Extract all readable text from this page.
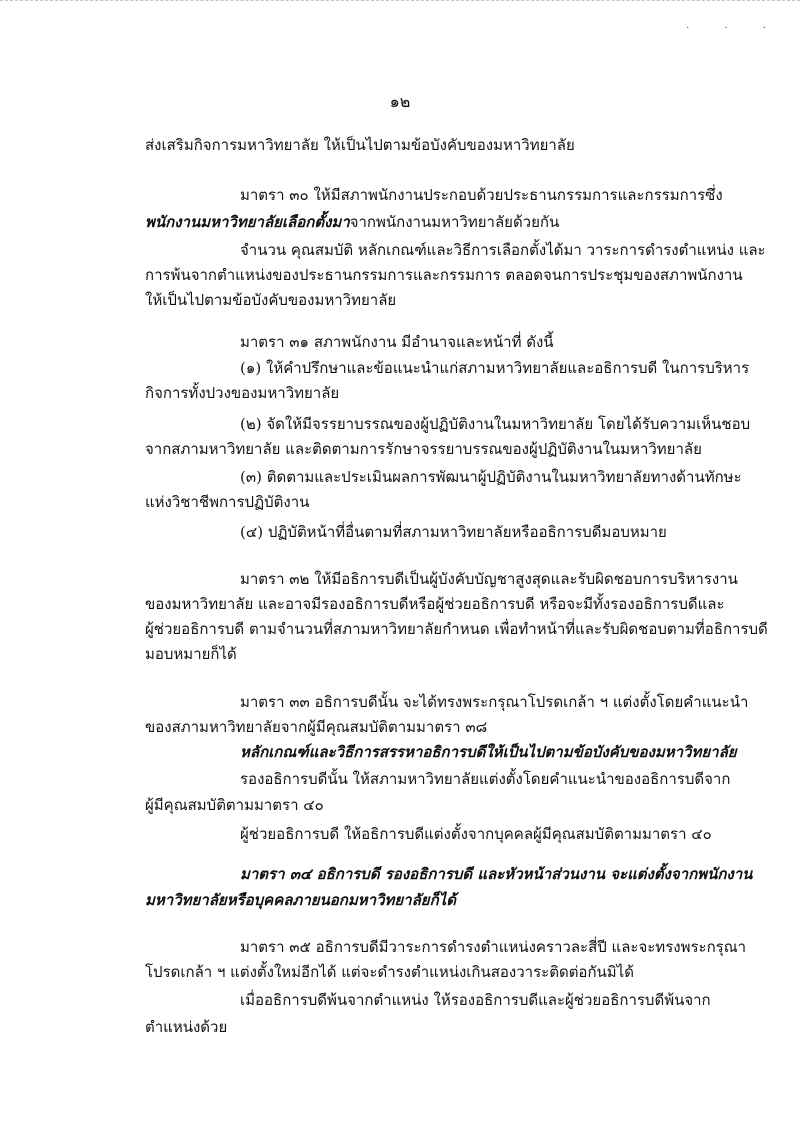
. . .
๑๒
ส่งเสริมกิจการมหาวิทยาลัย ให้เป็นไปตามข้อบังคับของมหาวิทยาลัย
มาตรา ๓๐ ให้มีสภาพนักงานประกอบด้วยประธานกรรมการและกรรมการซึ่ง
พนักงานมหาวิทยาลัยเลือกตั้งมาจากพนักงานมหาวิทยาลัยด้วยกัน
จำนวน คุณสมบัติ หลักเกณฑ์และวิธีการเลือกตั้งได้มา วาระการดำรงตำแหน่ง และ
การพ้นจากตำแหน่งของประธานกรรมการและกรรมการ ตลอดจนการประชุมของสภาพนักงาน
ให้เป็นไปตามข้อบังคับของมหาวิทยาลัย
มาตรา ๓๑ สภาพนักงาน มีอำนาจและหน้าที่ ดังนี้
(๑) ให้คำปรึกษาและข้อแนะนำแก่สภามหาวิทยาลัยและอธิการบดี ในการบริหาร
กิจการทั้งปวงของมหาวิทยาลัย
(๒) จัดให้มีจรรยาบรรณของผู้ปฏิบัติงานในมหาวิทยาลัย โดยได้รับความเห็นชอบ
จากสภามหาวิทยาลัย และติดตามการรักษาจรรยาบรรณของผู้ปฏิบัติงานในมหาวิทยาลัย
(๓) ติดตามและประเมินผลการพัฒนาผู้ปฏิบัติงานในมหาวิทยาลัยทางด้านทักษะ
แห่งวิชาชีพการปฏิบัติงาน
(๔) ปฏิบัติหน้าที่อื่นตามที่สภามหาวิทยาลัยหรืออธิการบดีมอบหมาย
มาตรา ๓๒ ให้มีอธิการบดีเป็นผู้บังคับบัญชาสูงสุดและรับผิดชอบการบริหารงาน
ของมหาวิทยาลัย และอาจมีรองอธิการบดีหรือผู้ช่วยอธิการบดี หรือจะมีทั้งรองอธิการบดีและ
ผู้ช่วยอธิการบดี ตามจำนวนที่สภามหาวิทยาลัยกำหนด เพื่อทำหน้าที่และรับผิดชอบตามที่อธิการบดี
มอบหมายก็ได้
มาตรา ๓๓ อธิการบดีนั้น จะได้ทรงพระกรุณาโปรดเกล้า ฯ แต่งตั้งโดยคำแนะนำ
ของสภามหาวิทยาลัยจากผู้มีคุณสมบัติตามมาตรา ๓๘
หลักเกณฑ์และวิธีการสรรหาอธิการบดีให้เป็นไปตามข้อบังคับของมหาวิทยาลัย
รองอธิการบดีนั้น ให้สภามหาวิทยาลัยแต่งตั้งโดยคำแนะนำของอธิการบดีจาก
ผู้มีคุณสมบัติตามมาตรา ๔๐
ผู้ช่วยอธิการบดี ให้อธิการบดีแต่งตั้งจากบุคคลผู้มีคุณสมบัติตามมาตรา ๔๐
มาตรา ๓๔ อธิการบดี รองอธิการบดี และหัวหน้าส่วนงาน จะแต่งตั้งจากพนักงาน
มหาวิทยาลัยหรือบุคคลภายนอกมหาวิทยาลัยก็ได้
มาตรา ๓๕ อธิการบดีมีวาระการดำรงตำแหน่งคราวละสี่ปี และจะทรงพระกรุณา
โปรดเกล้า ฯ แต่งตั้งใหม่อีกได้ แต่จะดำรงตำแหน่งเกินสองวาระติดต่อกันมิได้
เมื่ออธิการบดีพ้นจากตำแหน่ง ให้รองอธิการบดีและผู้ช่วยอธิการบดีพ้นจาก
ตำแหน่งด้วย
